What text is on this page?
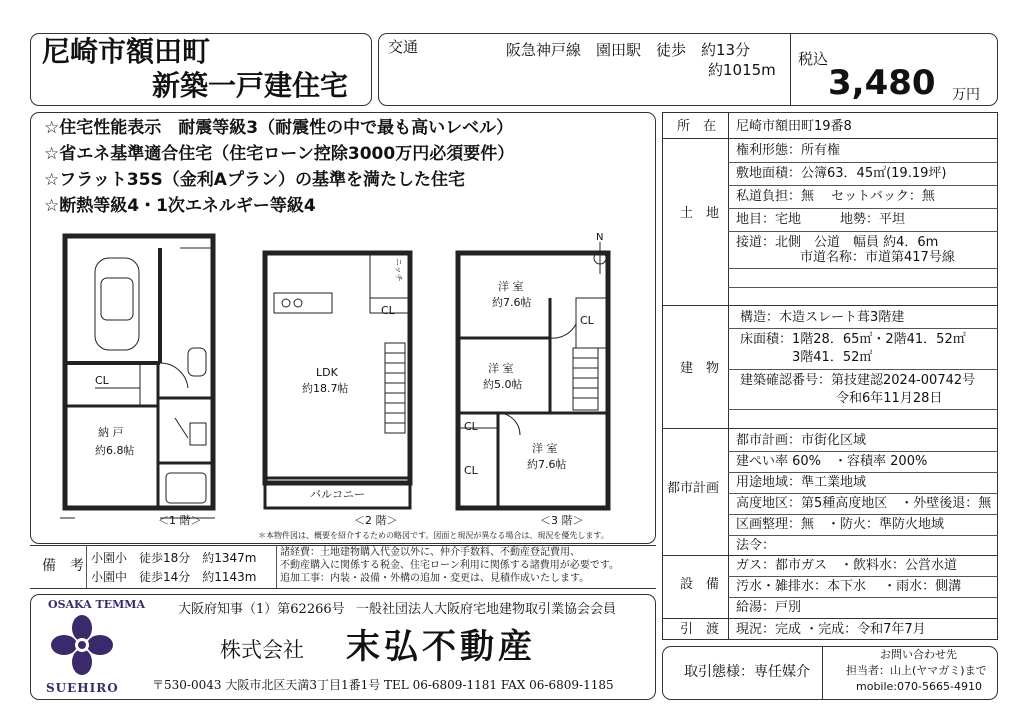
尼崎市額田町
新築一戸建住宅
交通	阪急神戸線　園田駅　徒歩　約13分
約1015m
税込
3,480 万円
☆住宅性能表示　耐震等級3（耐震性の中で最も高いレベル）
☆省エネ基準適合住宅（住宅ローン控除3000万円必須要件）
☆フラット35S（金利Aプラン）の基準を満たした住宅
☆断熱等級4・1次エネルギー等級4
CL
納 戸
約6.8帖
LDK
約18.7帖
CL
バルコニー
ニッチ
洋 室
約7.6帖
洋 室
約5.0帖
洋 室
約7.6帖
CL
CL
CL
N
＜1 階＞	＜2 階＞	＜3 階＞
＊本物件図は、概要を紹介するための略図です。図面と現況が異なる場合は、現況を優先します。
備　考 小園小　徒歩18分　約1347m
小園中　徒歩14分　約1143m
諸経費：土地建物購入代金以外に、仲介手数料、不動産登記費用、
不動産購入に関係する税金、住宅ローン利用に関係する諸費用が必要です。
追加工事：内装・設備・外構の追加・変更は、見積作成いたします。
OSAKA TEMMA
SUEHIRO
大阪府知事（1）第62266号 一般社団法人大阪府宅地建物取引業協会会員
株式会社 末弘不動産
〒530-0043 大阪市北区天満3丁目1番1号 TEL 06-6809-1181 FAX 06-6809-1185
所　在 尼崎市額田町19番8
土　地
権利形態：所有権
敷地面積：公簿63．45㎡(19.19坪)
私道負担：無　 セットバック：無
地目：宅地　　　地勢：平坦
接道：北側　公道　幅員 約4．6m
市道名称：市道第417号線
建　物
構造：木造スレート葺3階建
床面積：1階28．65㎡・2階41．52㎡
3階41．52㎡
建築確認番号：第技建認2024-00742号
令和6年11月28日
都市計画
都市計画：市街化区域
建ぺい率 60%　・容積率 200%
用途地域：準工業地域
高度地区：第5種高度地区　・外壁後退：無
区画整理：無　・防火：準防火地域
法令：
設　備
ガス：都市ガス　・飲料水：公営水道
汚水・雑排水：本下水　 ・雨水：側溝
給湯：戸別
引　渡 現況：完成 ・完成：令和7年7月
取引態様：専任媒介
お問い合わせ先
担当者：山上(ヤマガミ)まで
mobile:070-5665-4910
